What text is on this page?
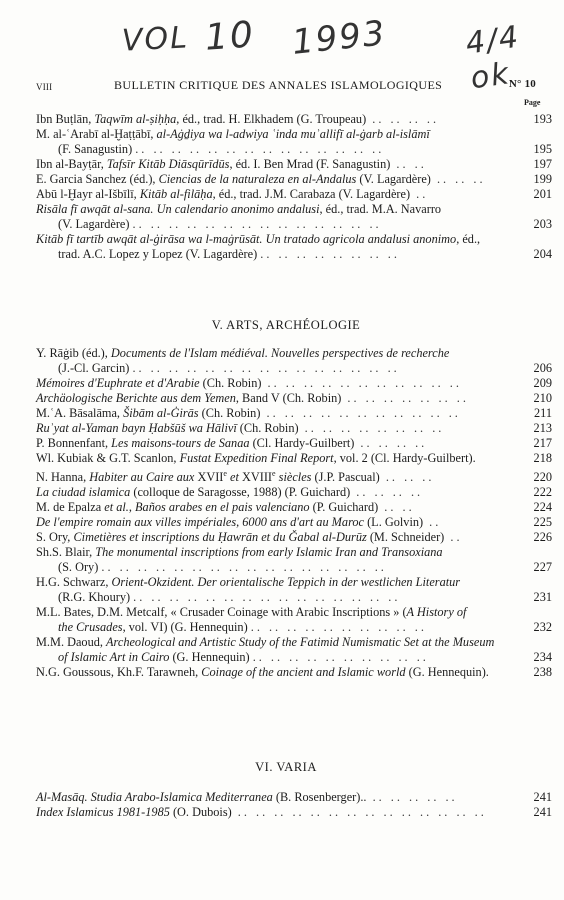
VOL 10 1993	4/4 ok
VIII	BULLETIN CRITIQUE DES ANNALES ISLAMOLOGIQUES	N° 10
Page
Ibn Buṭlān, Taqwīm al-ṣiḥḥa, éd., trad. H. Elkhadem (G. Troupeau) .. .. .. ..	193
M. al-ʿArabī al-Ḫaṭṭābī, al-Aġḏiya wa l-adwiya ʿinda muʾallifī al-ġarb al-islāmī
(F. Sanagustin) .. .. .. .. .. .. .. .. .. .. .. .. .. ..	195
Ibn al-Bayṭār, Tafsīr Kitāb Diāsqūrīdūs, éd. I. Ben Mrad (F. Sanagustin) .. ..	197
E. Garcia Sanchez (éd.), Ciencias de la naturaleza en al-Andalus (V. Lagardère) .. .. ..	199
Abū l-Ḫayr al-Išbīlī, Kitāb al-filāḥa, éd., trad. J.M. Carabaza (V. Lagardère) ..	201
Risāla fī awqāt al-sana. Un calendario anonimo andalusi, éd., trad. M.A. Navarro
(V. Lagardère) .. .. .. .. .. .. .. .. .. .. .. .. .. ..	203
Kitāb fī tartīb awqāt al-ġirāsa wa l-maġrūsāt. Un tratado agricola andalusi anonimo, éd.,
trad. A.C. Lopez y Lopez (V. Lagardère) .. .. .. .. .. .. .. ..	204
V. ARTS, ARCHÉOLOGIE
Y. Rāġib (éd.), Documents de l'Islam médiéval. Nouvelles perspectives de recherche
(J.-Cl. Garcin) .. .. .. .. .. .. .. .. .. .. .. .. .. .. ..	206
Mémoires d'Euphrate et d'Arabie (Ch. Robin) .. .. .. .. .. .. .. .. .. .. ..	209
Archäologische Berichte aus dem Yemen, Band V (Ch. Robin) .. .. .. .. .. .. ..	210
M.ʿA. Bāsalāma, Šibām al-Ġirās (Ch. Robin) .. .. .. .. .. .. .. .. .. .. ..	211
Ruʾyat al-Yaman bayn Ḥabšūš wa Hālivī (Ch. Robin) .. .. .. .. .. .. .. ..	213
P. Bonnenfant, Les maisons-tours de Sanaa (Cl. Hardy-Guilbert) .. .. .. ..	217
Wl. Kubiak & G.T. Scanlon, Fustat Expedition Final Report, vol. 2 (Cl. Hardy-Guilbert).	218
N. Hanna, Habiter au Caire aux XVIIe et XVIIIe siècles (J.P. Pascual) .. .. ..	220
La ciudad islamica (colloque de Saragosse, 1988) (P. Guichard) .. .. .. ..	222
M. de Epalza et al., Baños arabes en el pais valenciano (P. Guichard) .. ..	224
De l'empire romain aux villes impériales, 6000 ans d'art au Maroc (L. Golvin) ..	225
S. Ory, Cimetières et inscriptions du Ḥawrān et du Ǧabal al-Durūz (M. Schneider) ..	226
Sh.S. Blair, The monumental inscriptions from early Islamic Iran and Transoxiana
(S. Ory) .. .. .. .. .. .. .. .. .. .. .. .. .. .. .. ..	227
H.G. Schwarz, Orient-Okzident. Der orientalische Teppich in der westlichen Literatur
(R.G. Khoury) .. .. .. .. .. .. .. .. .. .. .. .. .. .. ..	231
M.L. Bates, D.M. Metcalf, « Crusader Coinage with Arabic Inscriptions » (A History of
the Crusades, vol. VI) (G. Hennequin) .. .. .. .. .. .. .. .. .. ..	232
M.M. Daoud, Archeological and Artistic Study of the Fatimid Numismatic Set at the Museum
of Islamic Art in Cairo (G. Hennequin) .. .. .. .. .. .. .. .. .. ..	234
N.G. Goussous, Kh.F. Tarawneh, Coinage of the ancient and Islamic world (G. Hennequin).	238
VI. VARIA
Al-Masāq. Studia Arabo-Islamica Mediterranea (B. Rosenberger).. .. .. .. .. ..	241
Index Islamicus 1981-1985 (O. Dubois) .. .. .. .. .. .. .. .. .. .. .. .. .. ..	241
